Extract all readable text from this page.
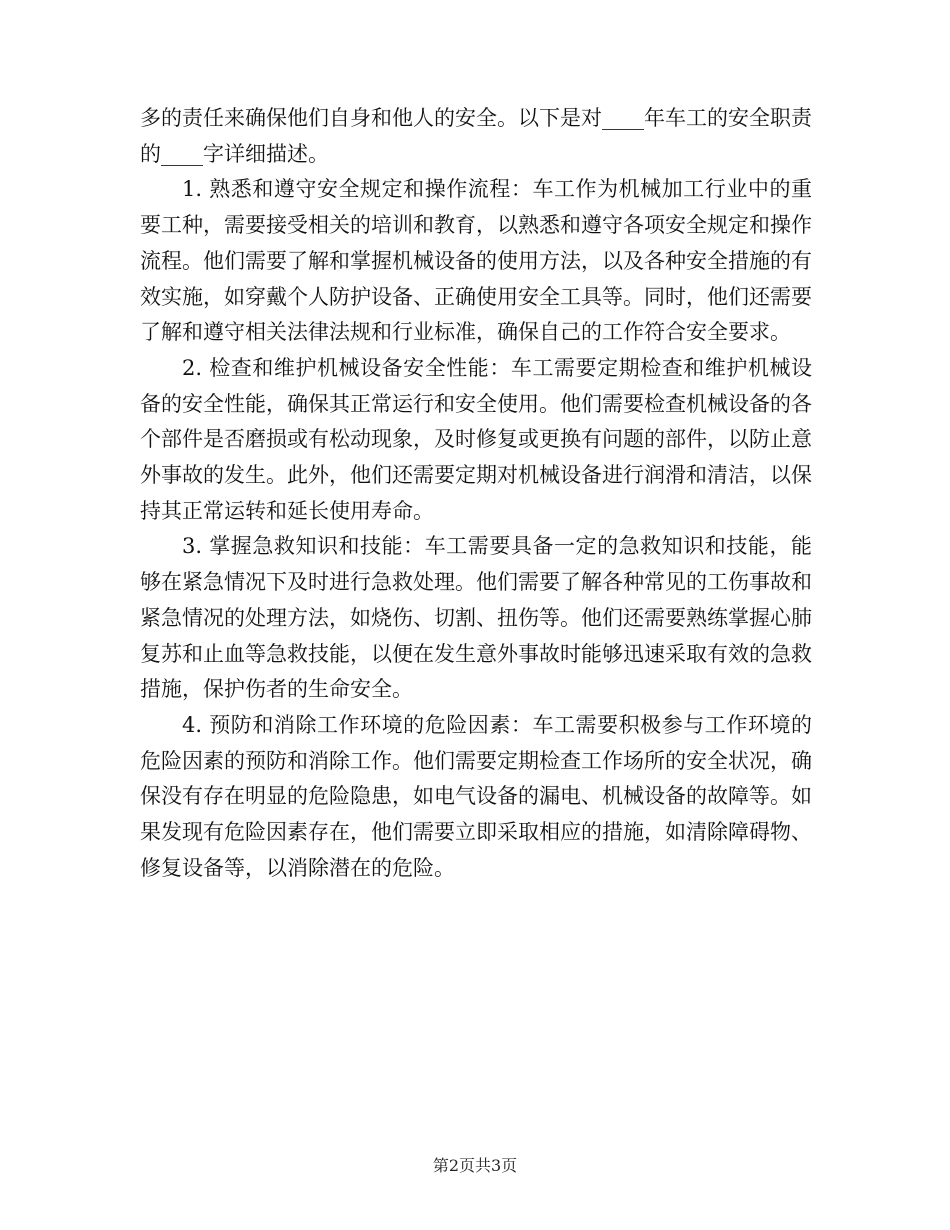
多的责任来确保他们自身和他人的安全。以下是对____年车工的安全职责的____字详细描述。

1. 熟悉和遵守安全规定和操作流程：车工作为机械加工行业中的重要工种，需要接受相关的培训和教育，以熟悉和遵守各项安全规定和操作流程。他们需要了解和掌握机械设备的使用方法，以及各种安全措施的有效实施，如穿戴个人防护设备、正确使用安全工具等。同时，他们还需要了解和遵守相关法律法规和行业标准，确保自己的工作符合安全要求。

2. 检查和维护机械设备安全性能：车工需要定期检查和维护机械设备的安全性能，确保其正常运行和安全使用。他们需要检查机械设备的各个部件是否磨损或有松动现象，及时修复或更换有问题的部件，以防止意外事故的发生。此外，他们还需要定期对机械设备进行润滑和清洁，以保持其正常运转和延长使用寿命。

3. 掌握急救知识和技能：车工需要具备一定的急救知识和技能，能够在紧急情况下及时进行急救处理。他们需要了解各种常见的工伤事故和紧急情况的处理方法，如烧伤、切割、扭伤等。他们还需要熟练掌握心肺复苏和止血等急救技能，以便在发生意外事故时能够迅速采取有效的急救措施，保护伤者的生命安全。

4. 预防和消除工作环境的危险因素：车工需要积极参与工作环境的危险因素的预防和消除工作。他们需要定期检查工作场所的安全状况，确保没有存在明显的危险隐患，如电气设备的漏电、机械设备的故障等。如果发现有危险因素存在，他们需要立即采取相应的措施，如清除障碍物、修复设备等，以消除潜在的危险。

第2页共3页
